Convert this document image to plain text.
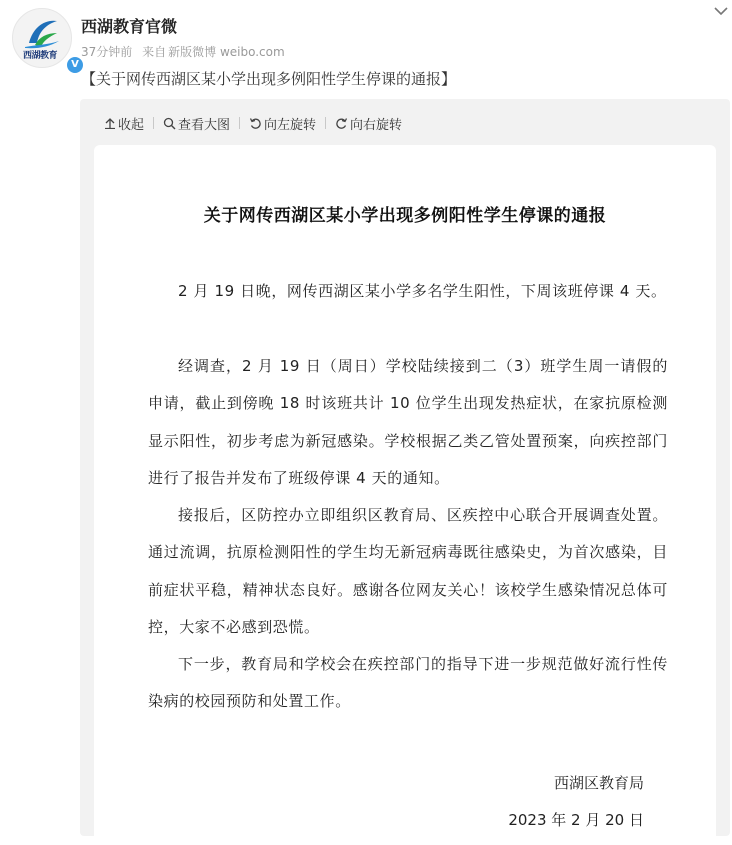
西湖教育
V
西湖教育官微
37分钟前 来自 新版微博 weibo.com
【关于网传西湖区某小学出现多例阳性学生停课的通报】
收起	查看大图	向左旋转	向右旋转
关于网传西湖区某小学出现多例阳性学生停课的通报

2 月 19 日晚，网传西湖区某小学多名学生阳性，下周该班停课 4 天。

经调查，2 月 19 日（周日）学校陆续接到二（3）班学生周一请假的申请，截止到傍晚 18 时该班共计 10 位学生出现发热症状，在家抗原检测显示阳性，初步考虑为新冠感染。学校根据乙类乙管处置预案，向疾控部门进行了报告并发布了班级停课 4 天的通知。

接报后，区防控办立即组织区教育局、区疾控中心联合开展调查处置。通过流调，抗原检测阳性的学生均无新冠病毒既往感染史，为首次感染，目前症状平稳，精神状态良好。感谢各位网友关心！该校学生感染情况总体可控，大家不必感到恐慌。

下一步，教育局和学校会在疾控部门的指导下进一步规范做好流行性传染病的校园预防和处置工作。

西湖区教育局
2023 年 2 月 20 日
